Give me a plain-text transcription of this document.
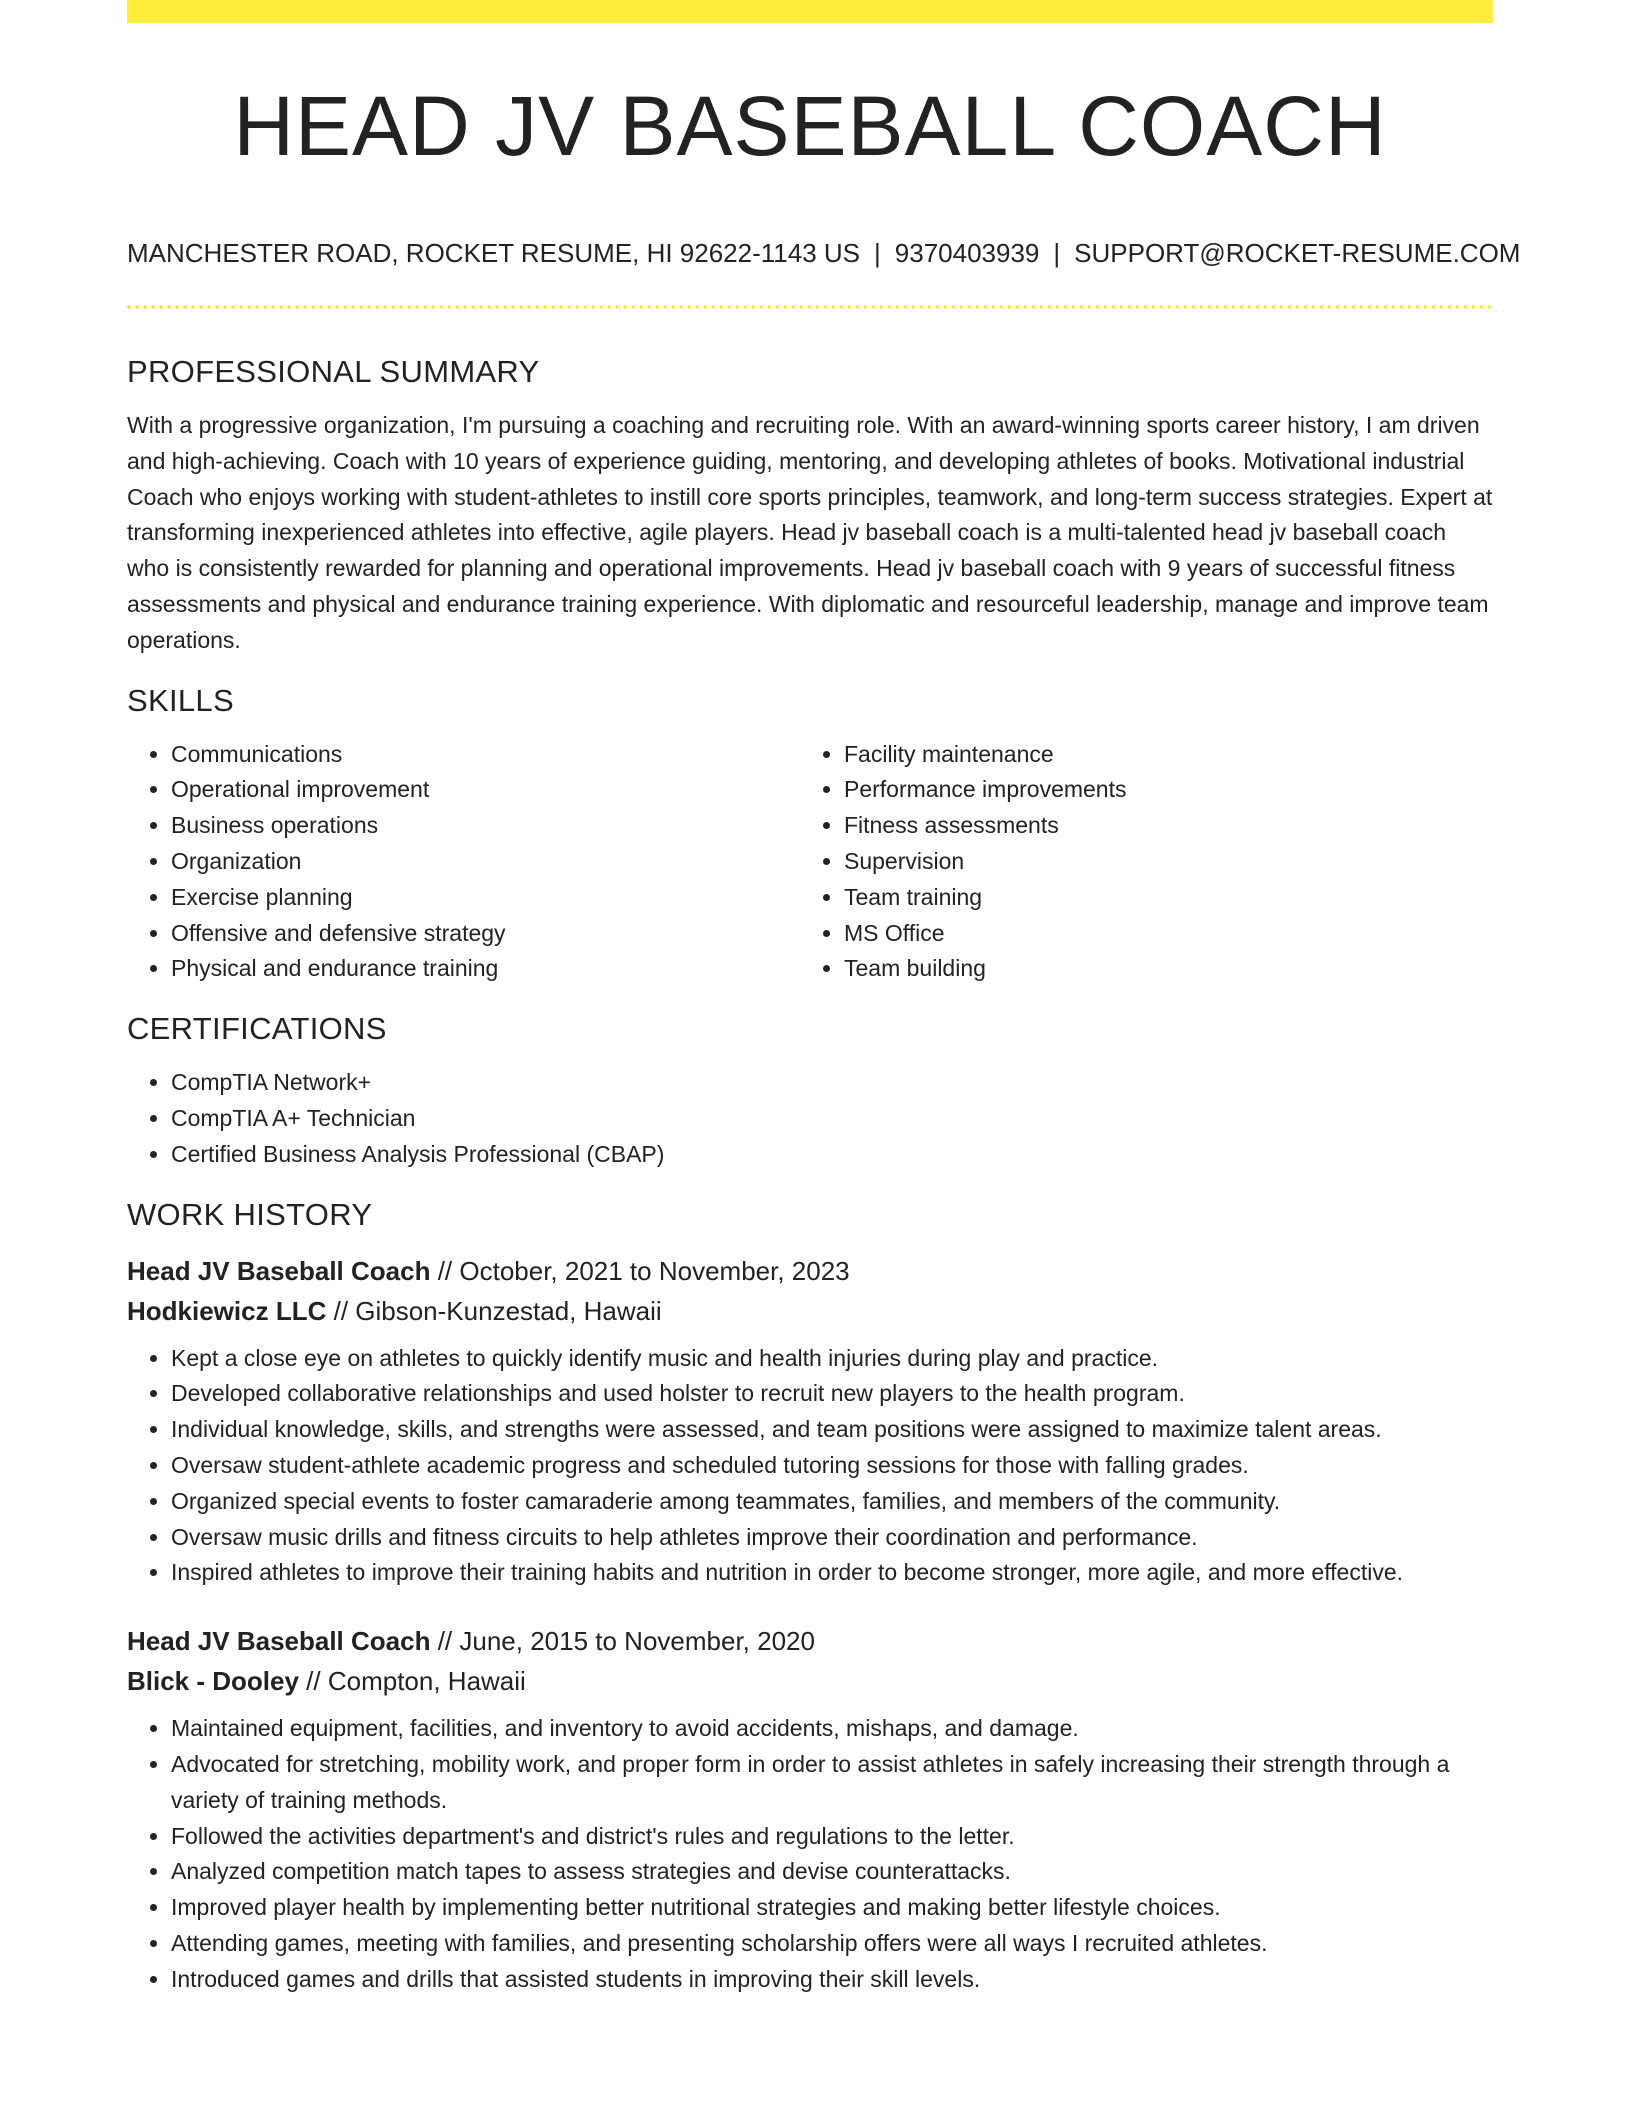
HEAD JV BASEBALL COACH
MANCHESTER ROAD, ROCKET RESUME, HI 92622-1143 US | 9370403939 | SUPPORT@ROCKET-RESUME.COM
PROFESSIONAL SUMMARY

With a progressive organization, I'm pursuing a coaching and recruiting role. With an award-winning sports career history, I am driven and high-achieving. Coach with 10 years of experience guiding, mentoring, and developing athletes of books. Motivational industrial Coach who enjoys working with student-athletes to instill core sports principles, teamwork, and long-term success strategies. Expert at transforming inexperienced athletes into effective, agile players. Head jv baseball coach is a multi-talented head jv baseball coach who is consistently rewarded for planning and operational improvements. Head jv baseball coach with 9 years of successful fitness assessments and physical and endurance training experience. With diplomatic and resourceful leadership, manage and improve team operations.

SKILLS
• Communications
• Operational improvement
• Business operations
• Organization
• Exercise planning
• Offensive and defensive strategy
• Physical and endurance training
• Facility maintenance
• Performance improvements
• Fitness assessments
• Supervision
• Team training
• MS Office
• Team building
CERTIFICATIONS
• CompTIA Network+
• CompTIA A+ Technician
• Certified Business Analysis Professional (CBAP)
WORK HISTORY
Head JV Baseball Coach // October, 2021 to November, 2023
Hodkiewicz LLC // Gibson-Kunzestad, Hawaii
• Kept a close eye on athletes to quickly identify music and health injuries during play and practice.
• Developed collaborative relationships and used holster to recruit new players to the health program.
• Individual knowledge, skills, and strengths were assessed, and team positions were assigned to maximize talent areas.
• Oversaw student-athlete academic progress and scheduled tutoring sessions for those with falling grades.
• Organized special events to foster camaraderie among teammates, families, and members of the community.
• Oversaw music drills and fitness circuits to help athletes improve their coordination and performance.
• Inspired athletes to improve their training habits and nutrition in order to become stronger, more agile, and more effective.
Head JV Baseball Coach // June, 2015 to November, 2020
Blick - Dooley // Compton, Hawaii
• Maintained equipment, facilities, and inventory to avoid accidents, mishaps, and damage.
• Advocated for stretching, mobility work, and proper form in order to assist athletes in safely increasing their strength through a variety of training methods.
• Followed the activities department's and district's rules and regulations to the letter.
• Analyzed competition match tapes to assess strategies and devise counterattacks.
• Improved player health by implementing better nutritional strategies and making better lifestyle choices.
• Attending games, meeting with families, and presenting scholarship offers were all ways I recruited athletes.
• Introduced games and drills that assisted students in improving their skill levels.
